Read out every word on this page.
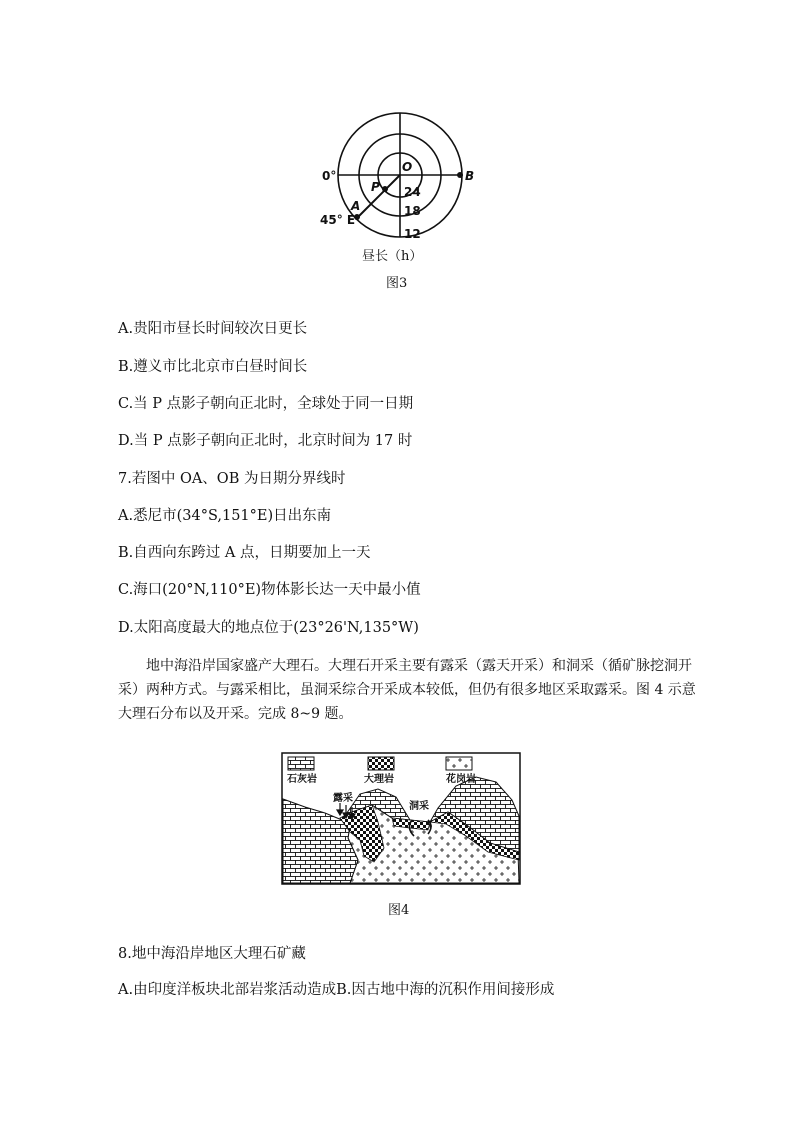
O
B
P
A
0°
45° E
24
18
12
昼长（h）
图3
A.贵阳市昼长时间较次日更长
B.遵义市比北京市白昼时间长
C.当 P 点影子朝向正北时，全球处于同一日期
D.当 P 点影子朝向正北时，北京时间为 17 时
7.若图中 OA、OB 为日期分界线时
A.悉尼市(34°S,151°E)日出东南
B.自西向东跨过 A 点，日期要加上一天
C.海口(20°N,110°E)物体影长达一天中最小值
D.太阳高度最大的地点位于(23°26'N,135°W)
地中海沿岸国家盛产大理石。大理石开采主要有露采（露天开采）和洞采（循矿脉挖洞开采）两种方式。与露采相比，虽洞采综合开采成本较低，但仍有很多地区采取露采。图 4 示意大理石分布以及开采。完成 8~9 题。
石灰岩	大理岩	花岗岩
露采
洞采
图4
8.地中海沿岸地区大理石矿藏
A.由印度洋板块北部岩浆活动造成B.因古地中海的沉积作用间接形成
